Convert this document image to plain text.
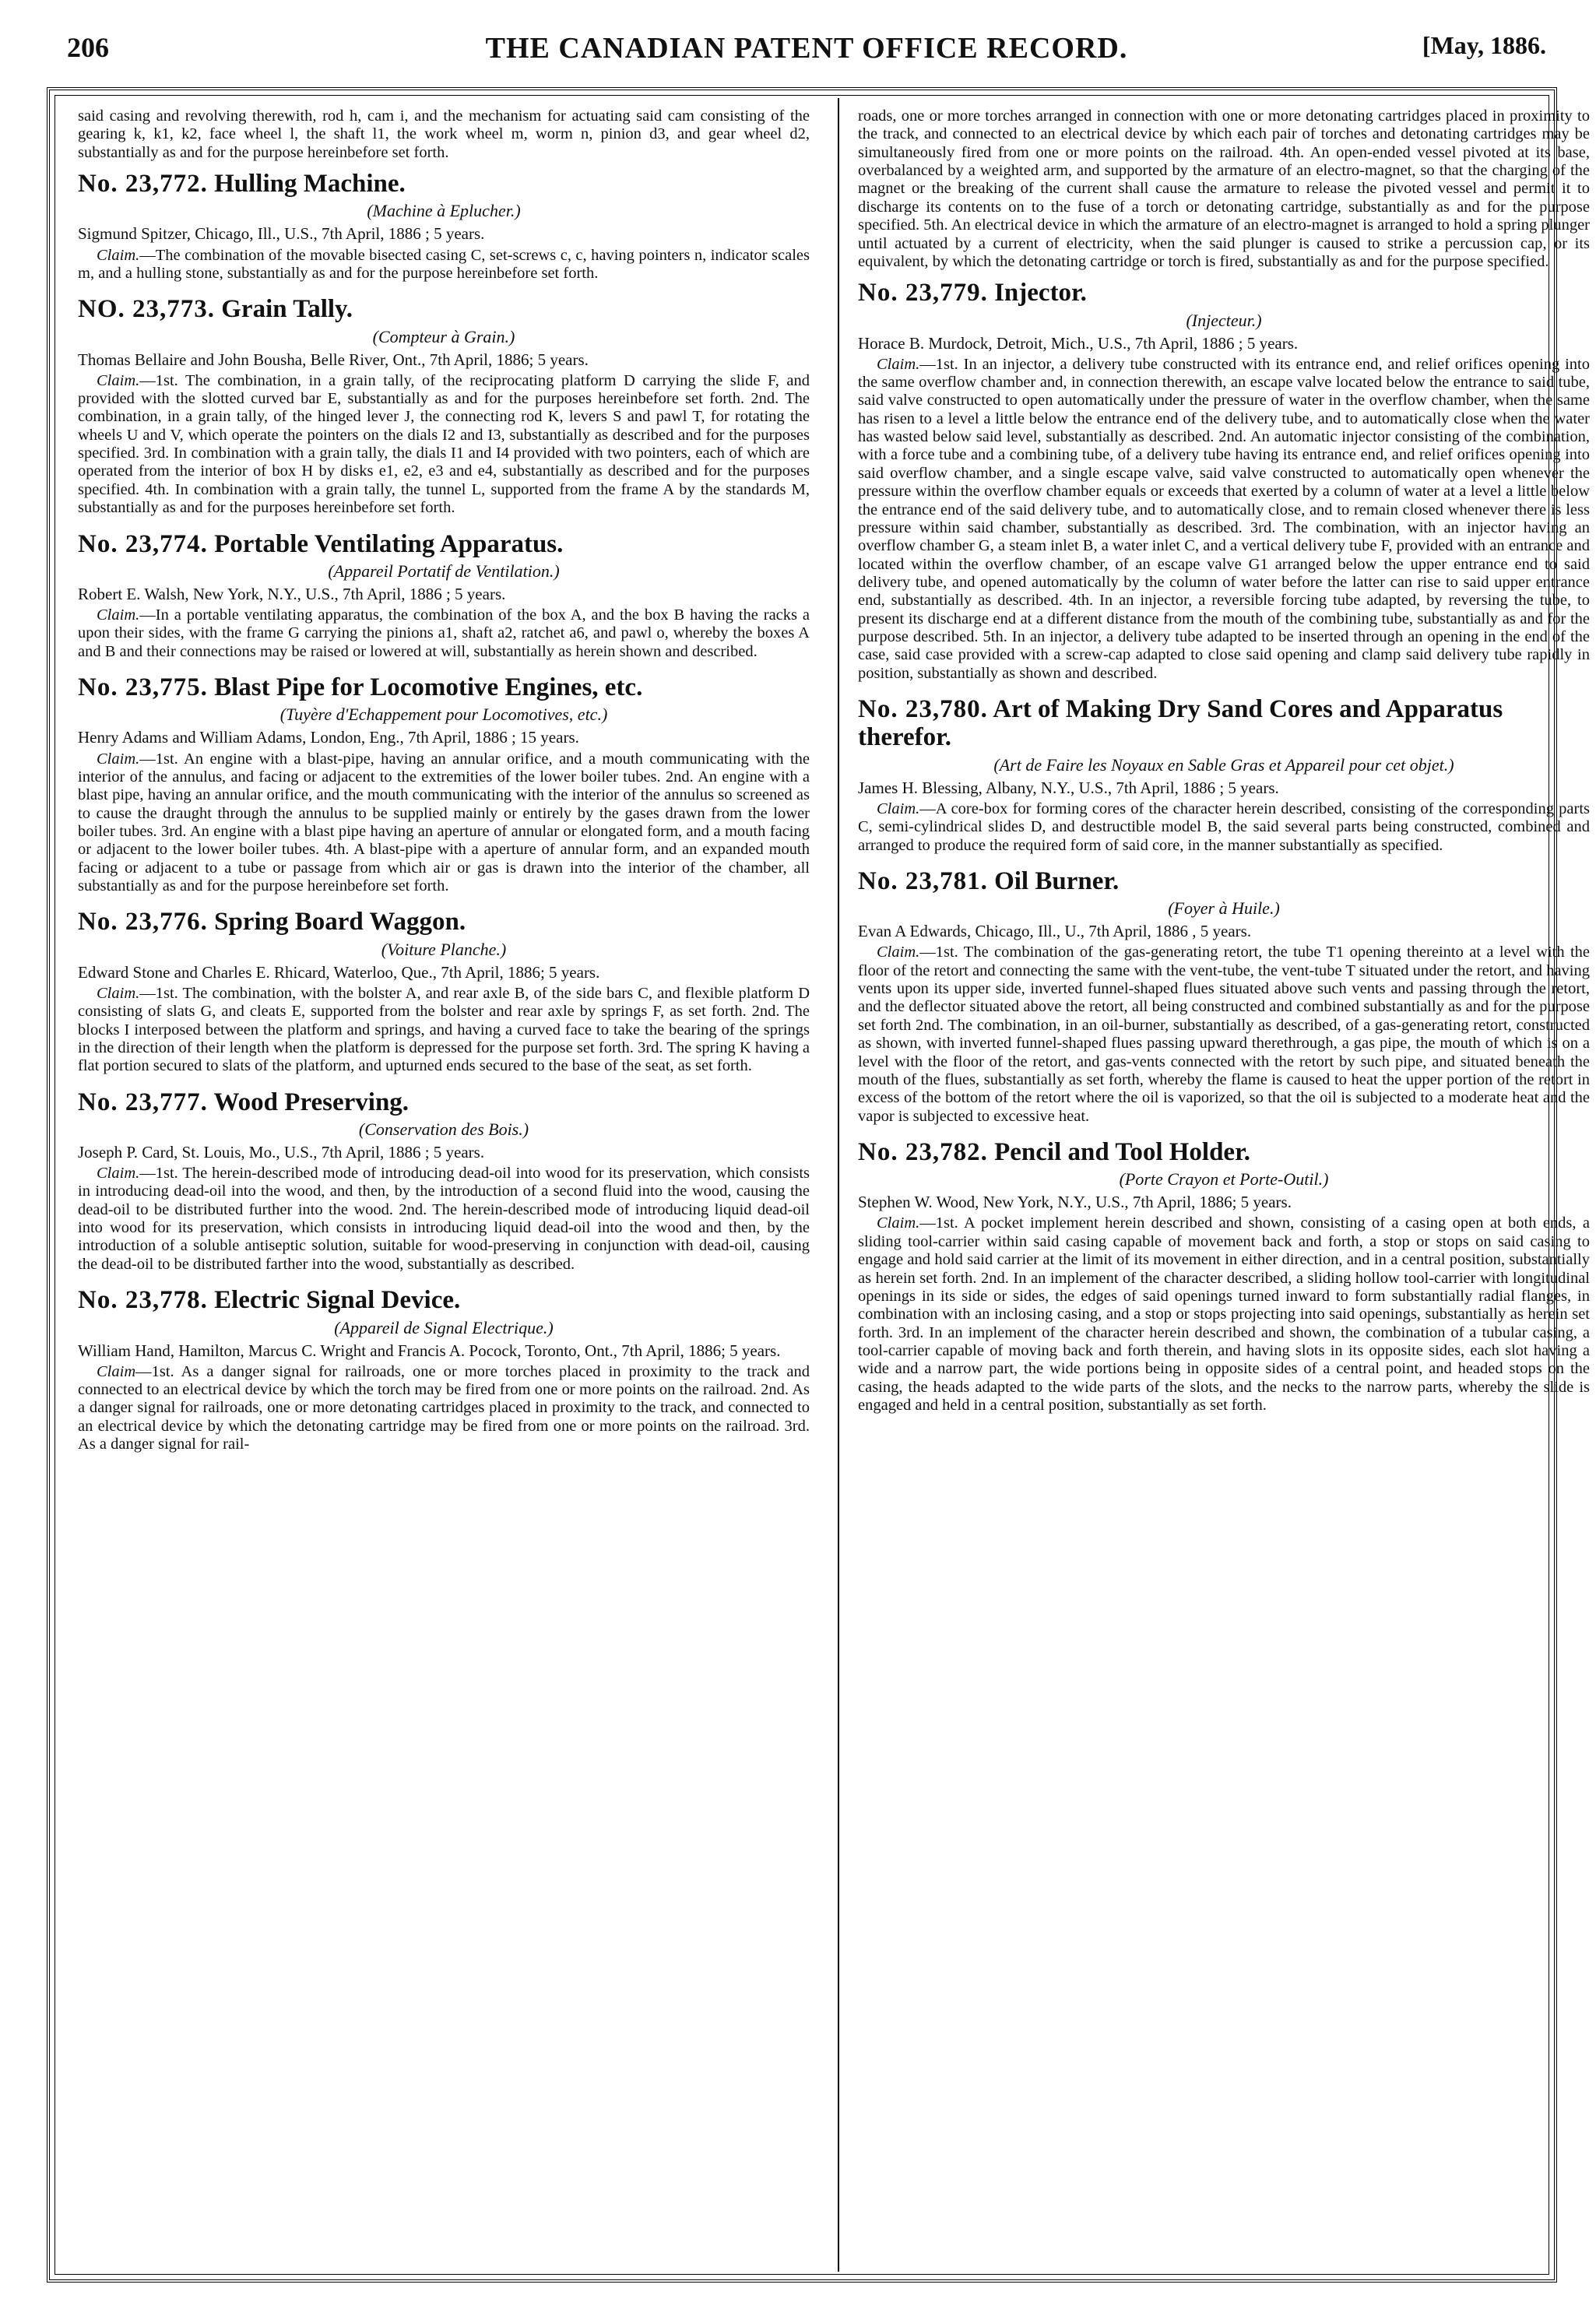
206	THE CANADIAN PATENT OFFICE RECORD.	[May, 1886.

said casing and revolving therewith, rod h, cam i, and the mechanism for actuating said cam consisting of the gearing k, k1, k2, face wheel l, the shaft l1, the work wheel m, worm n, pinion d3, and gear wheel d2, substantially as and for the purpose hereinbefore set forth.

No. 23,772. Hulling Machine.
(Machine à Eplucher.)
Sigmund Spitzer, Chicago, Ill., U.S., 7th April, 1886 ; 5 years.

Claim.—The combination of the movable bisected casing C, set-screws c, c, having pointers n, indicator scales m, and a hulling stone, substantially as and for the purpose hereinbefore set forth.

NO. 23,773. Grain Tally.
(Compteur à Grain.)
Thomas Bellaire and John Bousha, Belle River, Ont., 7th April, 1886; 5 years.

Claim.—1st. The combination, in a grain tally, of the reciprocating platform D carrying the slide F, and provided with the slotted curved bar E, substantially as and for the purposes hereinbefore set forth. 2nd. The combination, in a grain tally, of the hinged lever J, the connecting rod K, levers S and pawl T, for rotating the wheels U and V, which operate the pointers on the dials I2 and I3, substantially as described and for the purposes specified. 3rd. In combination with a grain tally, the dials I1 and I4 provided with two pointers, each of which are operated from the interior of box H by disks e1, e2, e3 and e4, substantially as described and for the purposes specified. 4th. In combination with a grain tally, the tunnel L, supported from the frame A by the standards M, substantially as and for the purposes hereinbefore set forth.

No. 23,774. Portable Ventilating Apparatus.
(Appareil Portatif de Ventilation.)
Robert E. Walsh, New York, N.Y., U.S., 7th April, 1886 ; 5 years.

Claim.—In a portable ventilating apparatus, the combination of the box A, and the box B having the racks a upon their sides, with the frame G carrying the pinions a1, shaft a2, ratchet a6, and pawl o, whereby the boxes A and B and their connections may be raised or lowered at will, substantially as herein shown and described.

No. 23,775. Blast Pipe for Locomotive Engines, etc.
(Tuyère d'Echappement pour Locomotives, etc.)
Henry Adams and William Adams, London, Eng., 7th April, 1886 ; 15 years.

Claim.—1st. An engine with a blast-pipe, having an annular orifice, and a mouth communicating with the interior of the annulus, and facing or adjacent to the extremities of the lower boiler tubes. 2nd. An engine with a blast pipe, having an annular orifice, and the mouth communicating with the interior of the annulus so screened as to cause the draught through the annulus to be supplied mainly or entirely by the gases drawn from the lower boiler tubes. 3rd. An engine with a blast pipe having an aperture of annular or elongated form, and a mouth facing or adjacent to the lower boiler tubes. 4th. A blast-pipe with a aperture of annular form, and an expanded mouth facing or adjacent to a tube or passage from which air or gas is drawn into the interior of the chamber, all substantially as and for the purpose hereinbefore set forth.

No. 23,776. Spring Board Waggon.
(Voiture Planche.)
Edward Stone and Charles E. Rhicard, Waterloo, Que., 7th April, 1886; 5 years.

Claim.—1st. The combination, with the bolster A, and rear axle B, of the side bars C, and flexible platform D consisting of slats G, and cleats E, supported from the bolster and rear axle by springs F, as set forth. 2nd. The blocks I interposed between the platform and springs, and having a curved face to take the bearing of the springs in the direction of their length when the platform is depressed for the purpose set forth. 3rd. The spring K having a flat portion secured to slats of the platform, and upturned ends secured to the base of the seat, as set forth.

No. 23,777. Wood Preserving.
(Conservation des Bois.)
Joseph P. Card, St. Louis, Mo., U.S., 7th April, 1886 ; 5 years.

Claim.—1st. The herein-described mode of introducing dead-oil into wood for its preservation, which consists in introducing dead-oil into the wood, and then, by the introduction of a second fluid into the wood, causing the dead-oil to be distributed further into the wood. 2nd. The herein-described mode of introducing liquid dead-oil into wood for its preservation, which consists in introducing liquid dead-oil into the wood and then, by the introduction of a soluble antiseptic solution, suitable for wood-preserving in conjunction with dead-oil, causing the dead-oil to be distributed farther into the wood, substantially as described.

No. 23,778. Electric Signal Device.
(Appareil de Signal Electrique.)
William Hand, Hamilton, Marcus C. Wright and Francis A. Pocock, Toronto, Ont., 7th April, 1886; 5 years.

Claim—1st. As a danger signal for railroads, one or more torches placed in proximity to the track and connected to an electrical device by which the torch may be fired from one or more points on the railroad. 2nd. As a danger signal for railroads, one or more detonating cartridges placed in proximity to the track, and connected to an electrical device by which the detonating cartridge may be fired from one or more points on the railroad. 3rd. As a danger signal for rail-

roads, one or more torches arranged in connection with one or more detonating cartridges placed in proximity to the track, and connected to an electrical device by which each pair of torches and detonating cartridges may be simultaneously fired from one or more points on the railroad. 4th. An open-ended vessel pivoted at its base, overbalanced by a weighted arm, and supported by the armature of an electro-magnet, so that the charging of the magnet or the breaking of the current shall cause the armature to release the pivoted vessel and permit it to discharge its contents on to the fuse of a torch or detonating cartridge, substantially as and for the purpose specified. 5th. An electrical device in which the armature of an electro-magnet is arranged to hold a spring plunger until actuated by a current of electricity, when the said plunger is caused to strike a percussion cap, or its equivalent, by which the detonating cartridge or torch is fired, substantially as and for the purpose specified.

No. 23,779. Injector.
(Injecteur.)
Horace B. Murdock, Detroit, Mich., U.S., 7th April, 1886 ; 5 years.

Claim.—1st. In an injector, a delivery tube constructed with its entrance end, and relief orifices opening into the same overflow chamber and, in connection therewith, an escape valve located below the entrance to said tube, said valve constructed to open automatically under the pressure of water in the overflow chamber, when the same has risen to a level a little below the entrance end of the delivery tube, and to automatically close when the water has wasted below said level, substantially as described. 2nd. An automatic injector consisting of the combination, with a force tube and a combining tube, of a delivery tube having its entrance end, and relief orifices opening into said overflow chamber, and a single escape valve, said valve constructed to automatically open whenever the pressure within the overflow chamber equals or exceeds that exerted by a column of water at a level a little below the entrance end of the said delivery tube, and to automatically close, and to remain closed whenever there is less pressure within said chamber, substantially as described. 3rd. The combination, with an injector having an overflow chamber G, a steam inlet B, a water inlet C, and a vertical delivery tube F, provided with an entrance and located within the overflow chamber, of an escape valve G1 arranged below the upper entrance end to said delivery tube, and opened automatically by the column of water before the latter can rise to said upper entrance end, substantially as described. 4th. In an injector, a reversible forcing tube adapted, by reversing the tube, to present its discharge end at a different distance from the mouth of the combining tube, substantially as and for the purpose described. 5th. In an injector, a delivery tube adapted to be inserted through an opening in the end of the case, said case provided with a screw-cap adapted to close said opening and clamp said delivery tube rapidly in position, substantially as shown and described.

No. 23,780. Art of Making Dry Sand Cores and Apparatus therefor.
(Art de Faire les Noyaux en Sable Gras et Appareil pour cet objet.)
James H. Blessing, Albany, N.Y., U.S., 7th April, 1886 ; 5 years.

Claim.—A core-box for forming cores of the character herein described, consisting of the corresponding parts C, semi-cylindrical slides D, and destructible model B, the said several parts being constructed, combined and arranged to produce the required form of said core, in the manner substantially as specified.

No. 23,781. Oil Burner.
(Foyer à Huile.)
Evan A Edwards, Chicago, Ill., U., 7th April, 1886 , 5 years.

Claim.—1st. The combination of the gas-generating retort, the tube T1 opening thereinto at a level with the floor of the retort and connecting the same with the vent-tube, the vent-tube T situated under the retort, and having vents upon its upper side, inverted funnel-shaped flues situated above such vents and passing through the retort, and the deflector situated above the retort, all being constructed and combined substantially as and for the purpose set forth 2nd. The combination, in an oil-burner, substantially as described, of a gas-generating retort, constructed as shown, with inverted funnel-shaped flues passing upward therethrough, a gas pipe, the mouth of which is on a level with the floor of the retort, and gas-vents connected with the retort by such pipe, and situated beneath the mouth of the flues, substantially as set forth, whereby the flame is caused to heat the upper portion of the retort in excess of the bottom of the retort where the oil is vaporized, so that the oil is subjected to a moderate heat and the vapor is subjected to excessive heat.

No. 23,782. Pencil and Tool Holder.
(Porte Crayon et Porte-Outil.)
Stephen W. Wood, New York, N.Y., U.S., 7th April, 1886; 5 years.

Claim.—1st. A pocket implement herein described and shown, consisting of a casing open at both ends, a sliding tool-carrier within said casing capable of movement back and forth, a stop or stops on said casing to engage and hold said carrier at the limit of its movement in either direction, and in a central position, substantially as herein set forth. 2nd. In an implement of the character described, a sliding hollow tool-carrier with longitudinal openings in its side or sides, the edges of said openings turned inward to form substantially radial flanges, in combination with an inclosing casing, and a stop or stops projecting into said openings, substantially as herein set forth. 3rd. In an implement of the character herein described and shown, the combination of a tubular casing, a tool-carrier capable of moving back and forth therein, and having slots in its opposite sides, each slot having a wide and a narrow part, the wide portions being in opposite sides of a central point, and headed stops on the casing, the heads adapted to the wide parts of the slots, and the necks to the narrow parts, whereby the slide is engaged and held in a central position, substantially as set forth.
